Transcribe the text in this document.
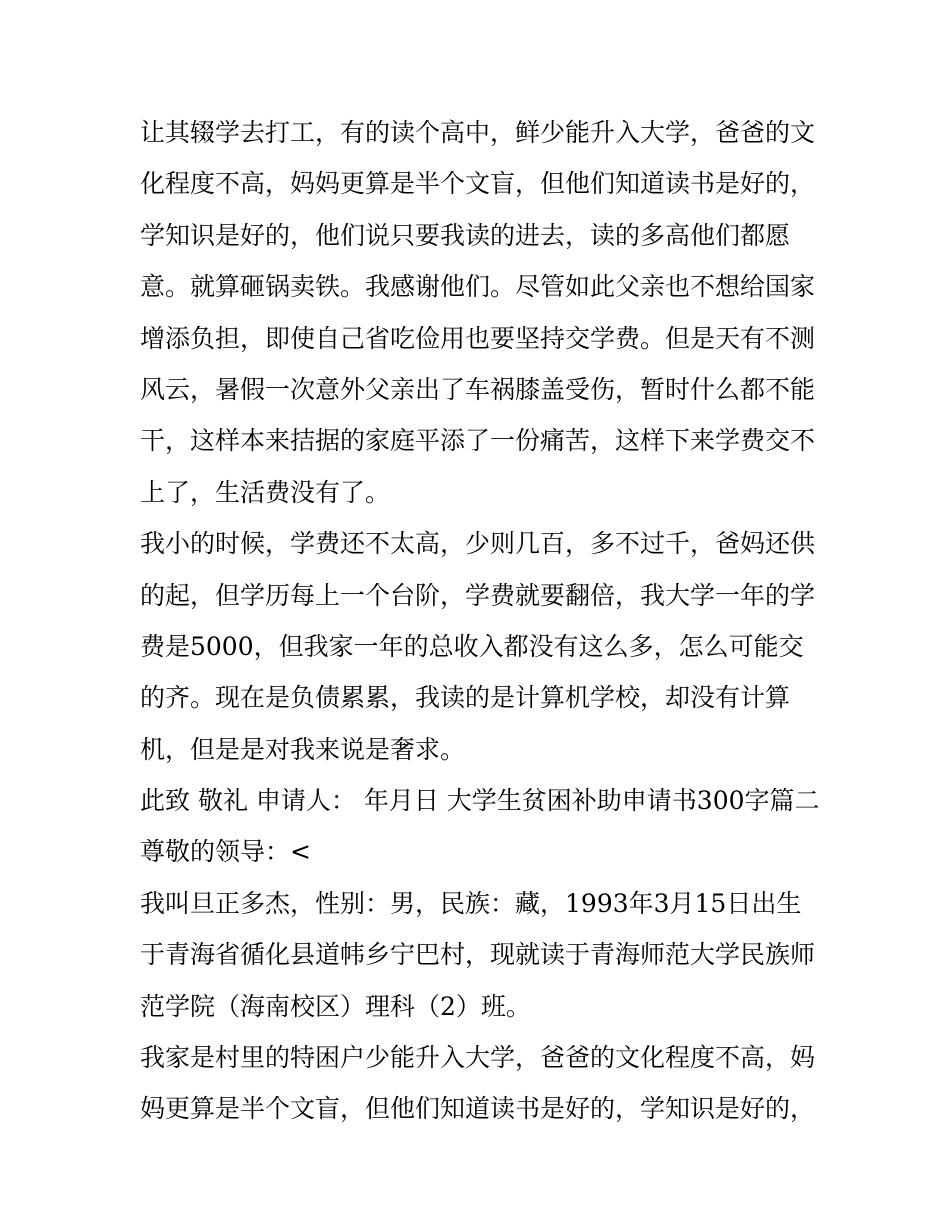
让其辍学去打工，有的读个高中，鲜少能升入大学，爸爸的文
化程度不高，妈妈更算是半个文盲，但他们知道读书是好的，
学知识是好的，他们说只要我读的进去，读的多高他们都愿
意。就算砸锅卖铁。我感谢他们。尽管如此父亲也不想给国家
增添负担，即使自己省吃俭用也要坚持交学费。但是天有不测
风云，暑假一次意外父亲出了车祸膝盖受伤，暂时什么都不能
干，这样本来拮据的家庭平添了一份痛苦，这样下来学费交不
上了，生活费没有了。
我小的时候，学费还不太高，少则几百，多不过千，爸妈还供
的起，但学历每上一个台阶，学费就要翻倍，我大学一年的学
费是5000，但我家一年的总收入都没有这么多，怎么可能交
的齐。现在是负债累累，我读的是计算机学校，却没有计算
机，但是是对我来说是奢求。
此致 敬礼 申请人： 年月日 大学生贫困补助申请书300字篇二
尊敬的领导：<
我叫旦正多杰，性别：男，民族：藏，1993年3月15日出生
于青海省循化县道帏乡宁巴村，现就读于青海师范大学民族师
范学院（海南校区）理科（2）班。
我家是村里的特困户少能升入大学，爸爸的文化程度不高，妈
妈更算是半个文盲，但他们知道读书是好的，学知识是好的，
